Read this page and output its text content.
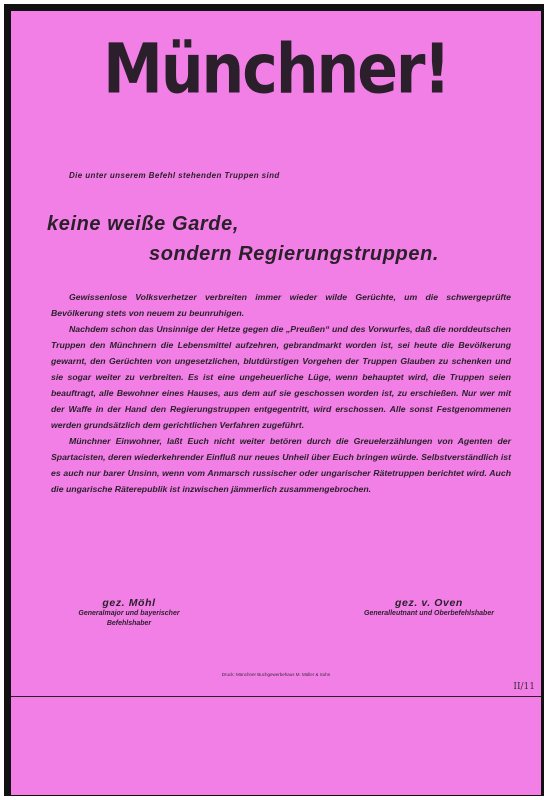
Münchner!
Die unter unserem Befehl stehenden Truppen sind
keine weiße Garde,
sondern Regierungstruppen.

Gewissenlose Volksverhetzer verbreiten immer wieder wilde Gerüchte, um die schwergeprüfte Bevölkerung stets von neuem zu beunruhigen.

Nachdem schon das Unsinnige der Hetze gegen die „Preußen“ und des Vorwurfes, daß die norddeutschen Truppen den Münchnern die Lebensmittel aufzehren, gebrandmarkt worden ist, sei heute die Bevölkerung gewarnt, den Gerüchten von ungesetzlichen, blutdürstigen Vorgehen der Truppen Glauben zu schenken und sie sogar weiter zu verbreiten. Es ist eine ungeheuerliche Lüge, wenn behauptet wird, die Truppen seien beauftragt, alle Bewohner eines Hauses, aus dem auf sie geschossen worden ist, zu erschießen. Nur wer mit der Waffe in der Hand den Regierungstruppen entgegentritt, wird erschossen. Alle sonst Festgenommenen werden grundsätzlich dem gerichtlichen Verfahren zugeführt.

Münchner Einwohner, laßt Euch nicht weiter betören durch die Greuelerzählungen von Agenten der Spartacisten, deren wiederkehrender Einfluß nur neues Unheil über Euch bringen würde. Selbstverständlich ist es auch nur barer Unsinn, wenn vom Anmarsch russischer oder ungarischer Rätetruppen berichtet wird. Auch die ungarische Räterepublik ist inzwischen jämmerlich zusammengebrochen.

gez. Möhl
Generalmajor und bayerischer
Befehlshaber
gez. v. Oven
Generalleutnant und Oberbefehlshaber
Druck: Münchner Buchgewerbehaus M. Müller & Sohn
II/11
